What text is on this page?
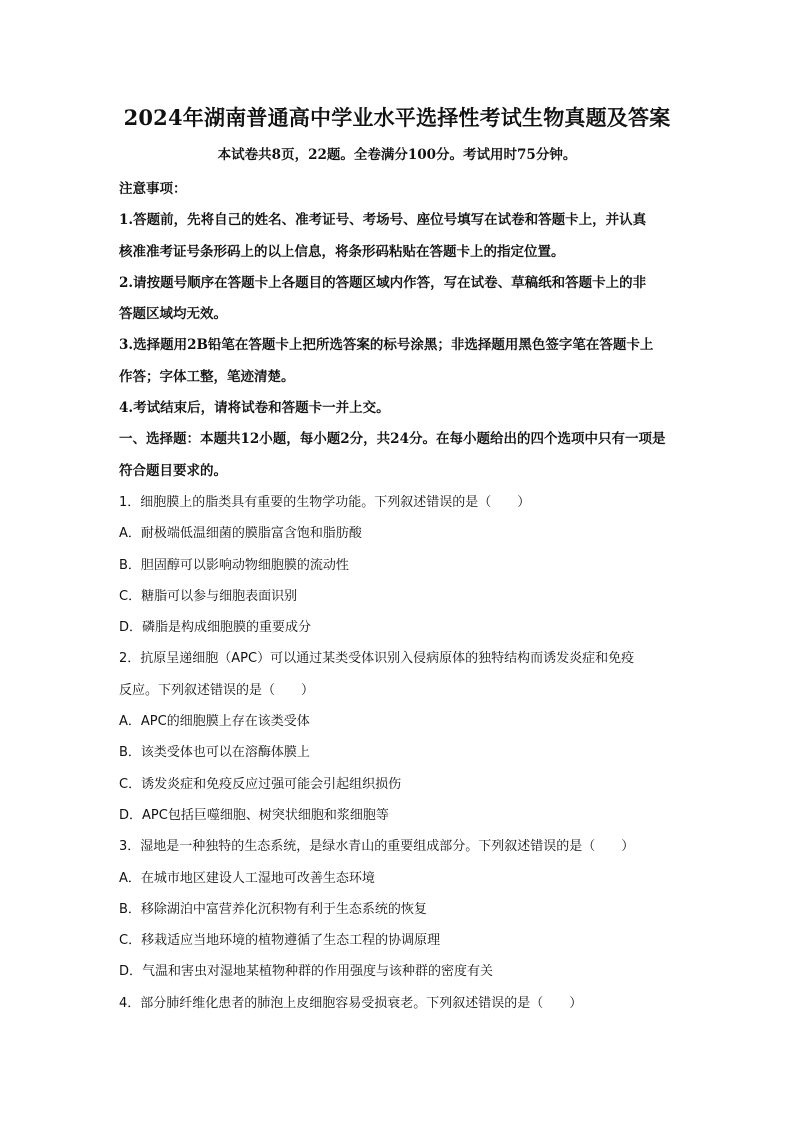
2024年湖南普通高中学业水平选择性考试生物真题及答案
本试卷共8页，22题。全卷满分100分。考试用时75分钟。
注意事项：
1.答题前，先将自己的姓名、准考证号、考场号、座位号填写在试卷和答题卡上，并认真
核准准考证号条形码上的以上信息，将条形码粘贴在答题卡上的指定位置。
2.请按题号顺序在答题卡上各题目的答题区域内作答，写在试卷、草稿纸和答题卡上的非
答题区域均无效。
3.选择题用2B铅笔在答题卡上把所选答案的标号涂黑；非选择题用黑色签字笔在答题卡上
作答；字体工整，笔迹清楚。
4.考试结束后，请将试卷和答题卡一并上交。
一、选择题：本题共12小题，每小题2分，共24分。在每小题给出的四个选项中只有一项是
符合题目要求的。
1．细胞膜上的脂类具有重要的生物学功能。下列叙述错误的是（　　）
A．耐极端低温细菌的膜脂富含饱和脂肪酸
B．胆固醇可以影响动物细胞膜的流动性
C．糖脂可以参与细胞表面识别
D．磷脂是构成细胞膜的重要成分
2．抗原呈递细胞（APC）可以通过某类受体识别入侵病原体的独特结构而诱发炎症和免疫
反应。下列叙述错误的是（　　）
A．APC的细胞膜上存在该类受体
B．该类受体也可以在溶酶体膜上
C．诱发炎症和免疫反应过强可能会引起组织损伤
D．APC包括巨噬细胞、树突状细胞和浆细胞等
3．湿地是一种独特的生态系统，是绿水青山的重要组成部分。下列叙述错误的是（　　）
A．在城市地区建设人工湿地可改善生态环境
B．移除湖泊中富营养化沉积物有利于生态系统的恢复
C．移栽适应当地环境的植物遵循了生态工程的协调原理
D．气温和害虫对湿地某植物种群的作用强度与该种群的密度有关
4．部分肺纤维化患者的肺泡上皮细胞容易受损衰老。下列叙述错误的是（　　）
